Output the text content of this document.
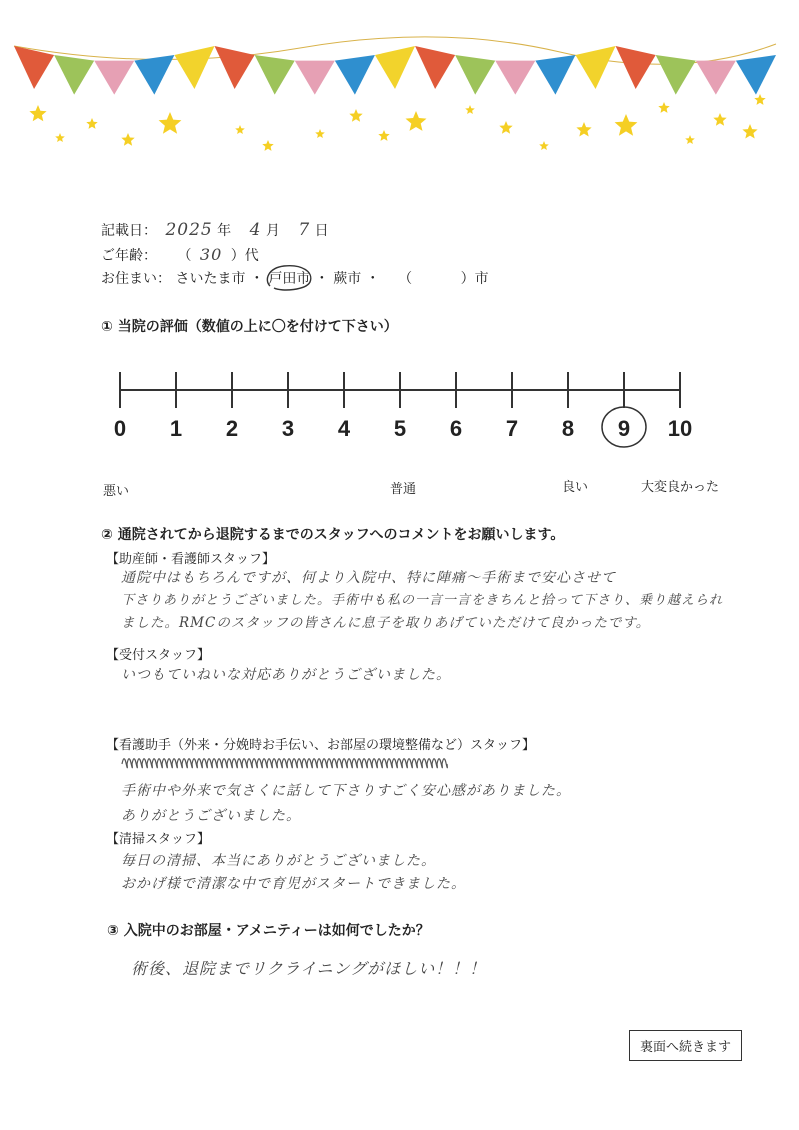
記載日： 2025 年 4 月 7 日
ご年齢： （ 30 ）代
お住まい： さいたま市 ・ 戸田市 ・ 蕨市 ・ （	）市
① 当院の評価（数値の上に〇を付けて下さい）
0 1 2 3 4 5 6 7 8 9 10
悪い	普通	良い	大変良かった
② 通院されてから退院するまでのスタッフへのコメントをお願いします。
【助産師・看護師スタッフ】
通院中はもちろんですが、何より入院中、特に陣痛〜手術まで安心させて
下さりありがとうございました。手術中も私の一言一言をきちんと拾って下さり、乗り越えられ
ました。RMCのスタッフの皆さんに息子を取りあげていただけて良かったです。
【受付スタッフ】
いつもていねいな対応ありがとうございました。
【看護助手（外来・分娩時お手伝い、お部屋の環境整備など）スタッフ】
手術中や外来で気さくに話して下さりすごく安心感がありました。
ありがとうございました。
【清掃スタッフ】
毎日の清掃、本当にありがとうございました。
おかげ様で清潔な中で育児がスタートできました。
③ 入院中のお部屋・アメニティーは如何でしたか？
術後、退院までリクライニングがほしい！！！
裏面へ続きます
